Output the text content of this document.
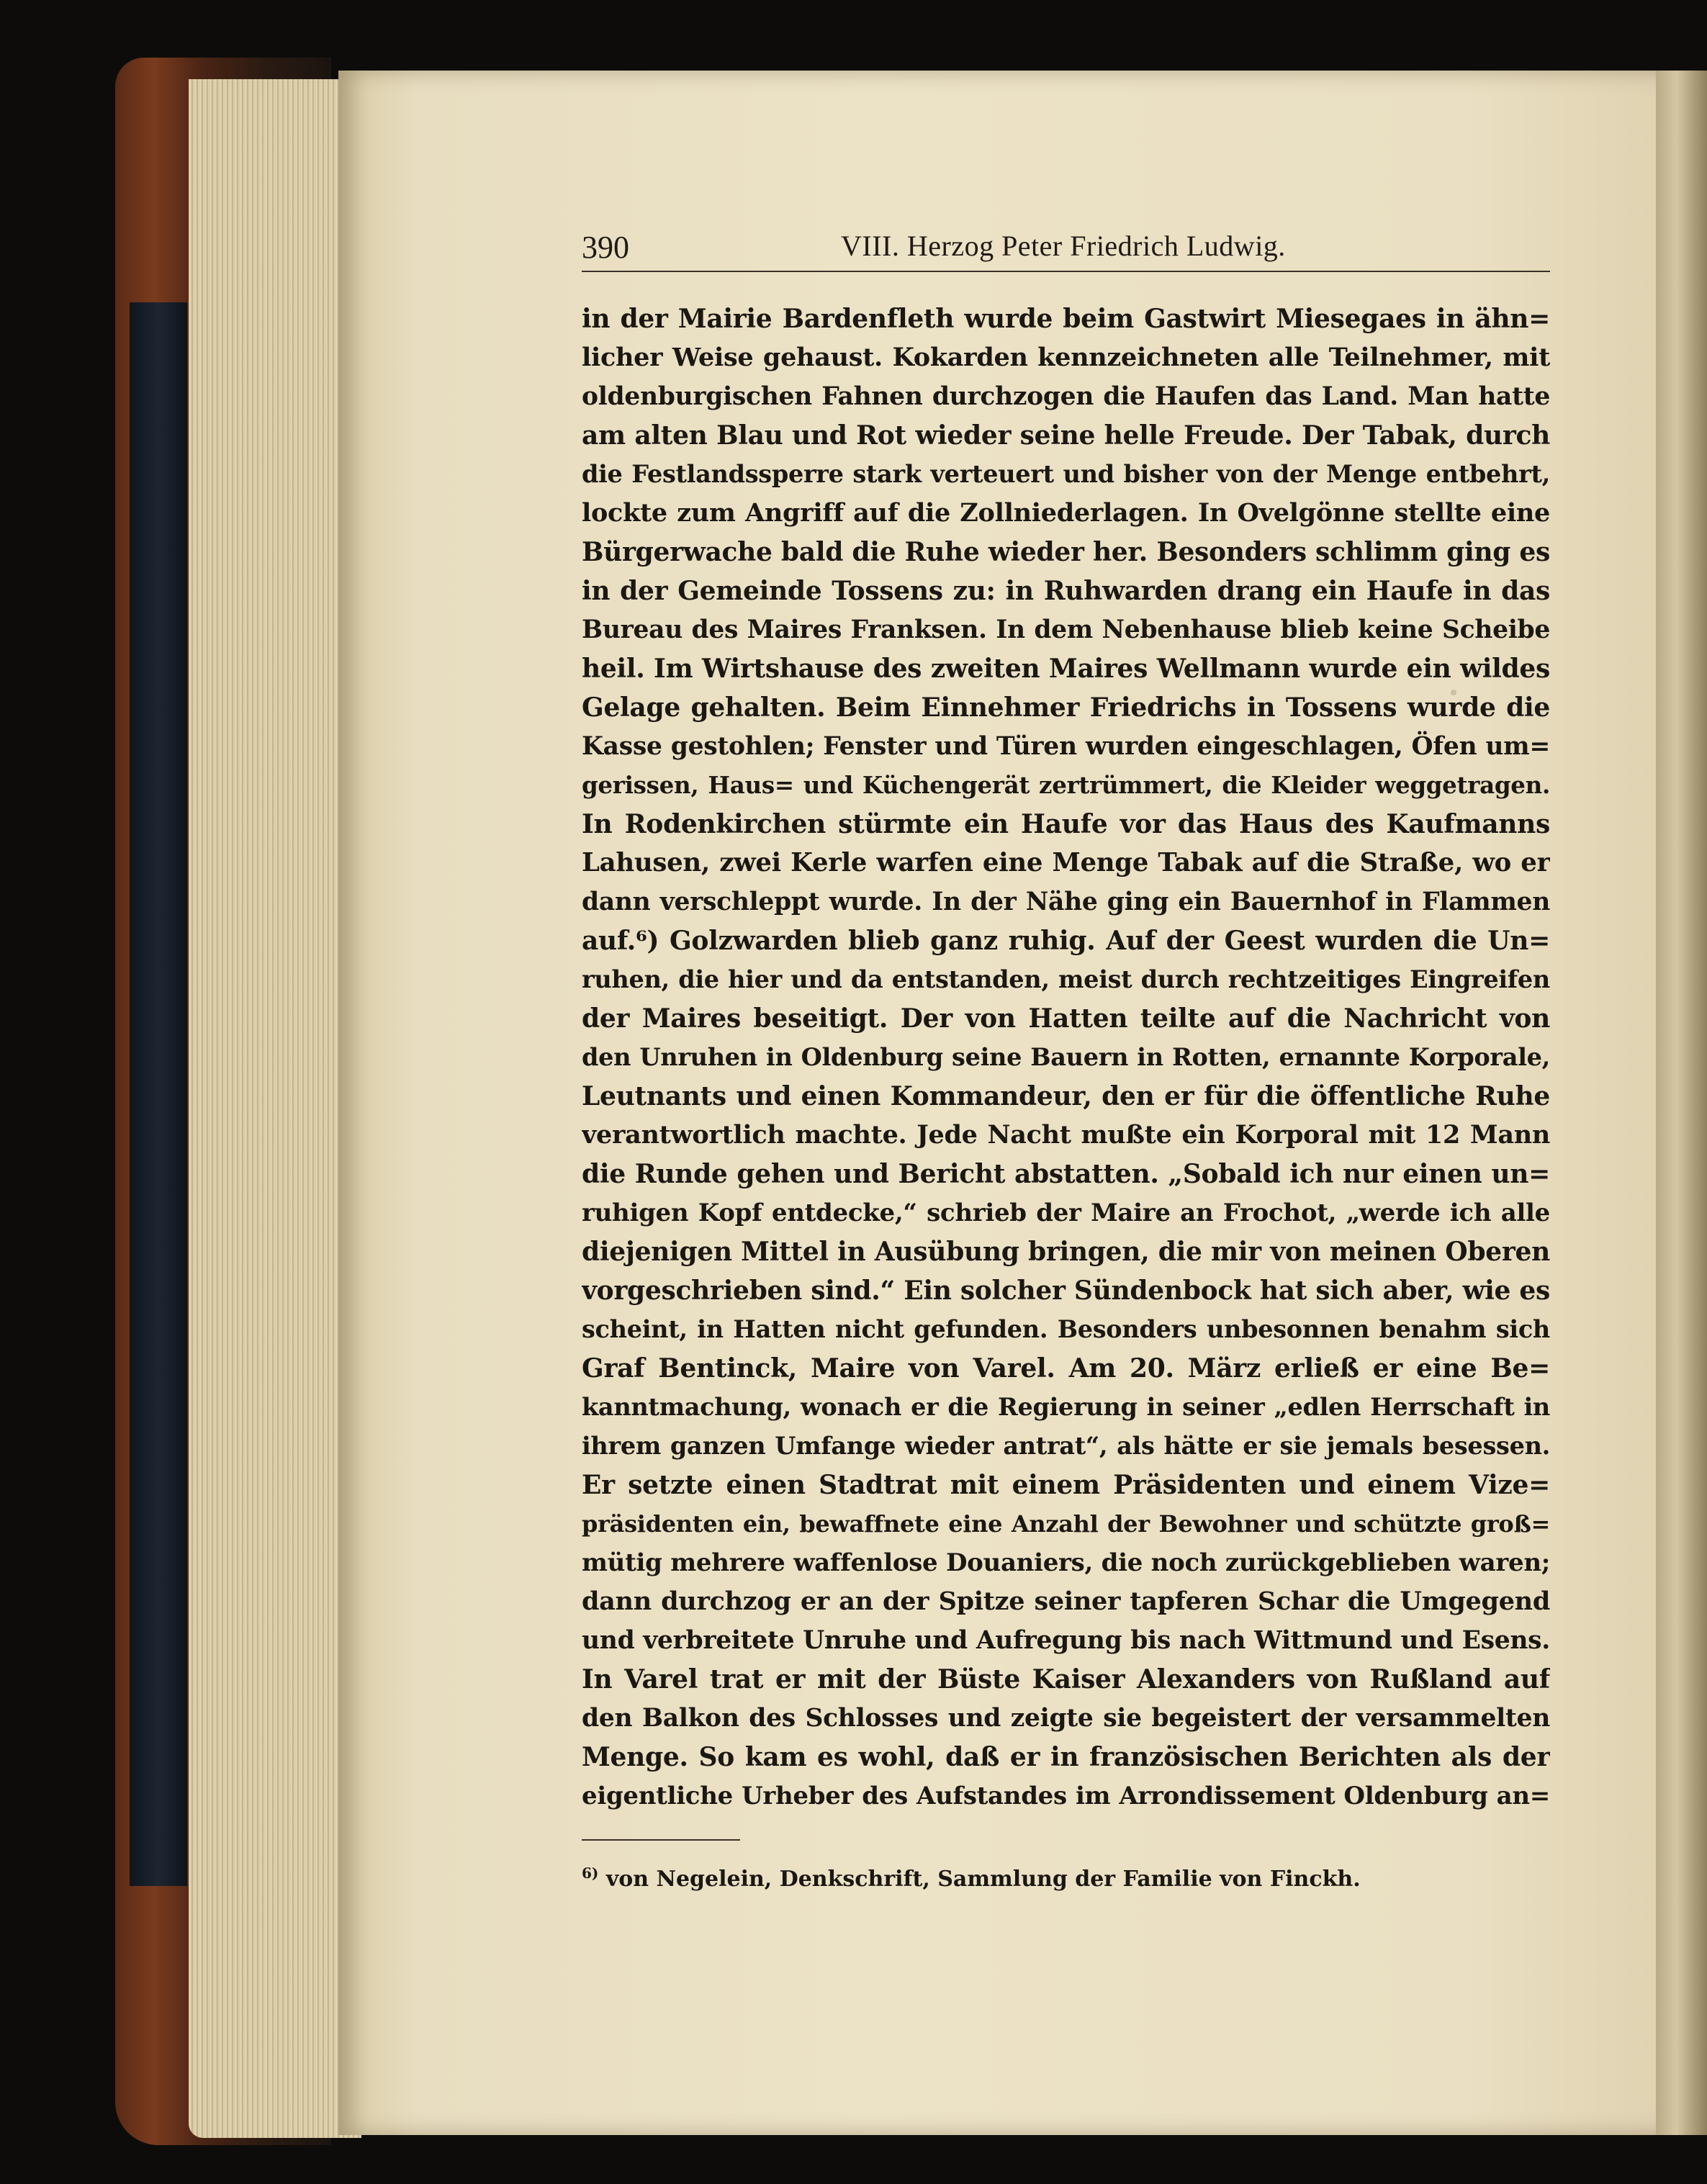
390	VIII. Herzog Peter Friedrich Ludwig.
in der Mairie Bardenfleth wurde beim Gastwirt Miesegaes in ähn=
licher Weise gehaust. Kokarden kennzeichneten alle Teilnehmer, mit
oldenburgischen Fahnen durchzogen die Haufen das Land. Man hatte
am alten Blau und Rot wieder seine helle Freude. Der Tabak, durch
die Festlandssperre stark verteuert und bisher von der Menge entbehrt,
lockte zum Angriff auf die Zollniederlagen. In Ovelgönne stellte eine
Bürgerwache bald die Ruhe wieder her. Besonders schlimm ging es
in der Gemeinde Tossens zu: in Ruhwarden drang ein Haufe in das
Bureau des Maires Franksen. In dem Nebenhause blieb keine Scheibe
heil. Im Wirtshause des zweiten Maires Wellmann wurde ein wildes
Gelage gehalten. Beim Einnehmer Friedrichs in Tossens wurde die
Kasse gestohlen; Fenster und Türen wurden eingeschlagen, Öfen um=
gerissen, Haus= und Küchengerät zertrümmert, die Kleider weggetragen.
In Rodenkirchen stürmte ein Haufe vor das Haus des Kaufmanns
Lahusen, zwei Kerle warfen eine Menge Tabak auf die Straße, wo er
dann verschleppt wurde. In der Nähe ging ein Bauernhof in Flammen
auf.⁶) Golzwarden blieb ganz ruhig. Auf der Geest wurden die Un=
ruhen, die hier und da entstanden, meist durch rechtzeitiges Eingreifen
der Maires beseitigt. Der von Hatten teilte auf die Nachricht von
den Unruhen in Oldenburg seine Bauern in Rotten, ernannte Korporale,
Leutnants und einen Kommandeur, den er für die öffentliche Ruhe
verantwortlich machte. Jede Nacht mußte ein Korporal mit 12 Mann
die Runde gehen und Bericht abstatten. „Sobald ich nur einen un=
ruhigen Kopf entdecke,“ schrieb der Maire an Frochot, „werde ich alle
diejenigen Mittel in Ausübung bringen, die mir von meinen Oberen
vorgeschrieben sind.“ Ein solcher Sündenbock hat sich aber, wie es
scheint, in Hatten nicht gefunden. Besonders unbesonnen benahm sich
Graf Bentinck, Maire von Varel. Am 20. März erließ er eine Be=
kanntmachung, wonach er die Regierung in seiner „edlen Herrschaft in
ihrem ganzen Umfange wieder antrat“, als hätte er sie jemals besessen.
Er setzte einen Stadtrat mit einem Präsidenten und einem Vize=
präsidenten ein, bewaffnete eine Anzahl der Bewohner und schützte groß=
mütig mehrere waffenlose Douaniers, die noch zurückgeblieben waren;
dann durchzog er an der Spitze seiner tapferen Schar die Umgegend
und verbreitete Unruhe und Aufregung bis nach Wittmund und Esens.
In Varel trat er mit der Büste Kaiser Alexanders von Rußland auf
den Balkon des Schlosses und zeigte sie begeistert der versammelten
Menge. So kam es wohl, daß er in französischen Berichten als der
eigentliche Urheber des Aufstandes im Arrondissement Oldenburg an=
$^{6)}$ von Negelein, Denkschrift, Sammlung der Familie von Finckh.
